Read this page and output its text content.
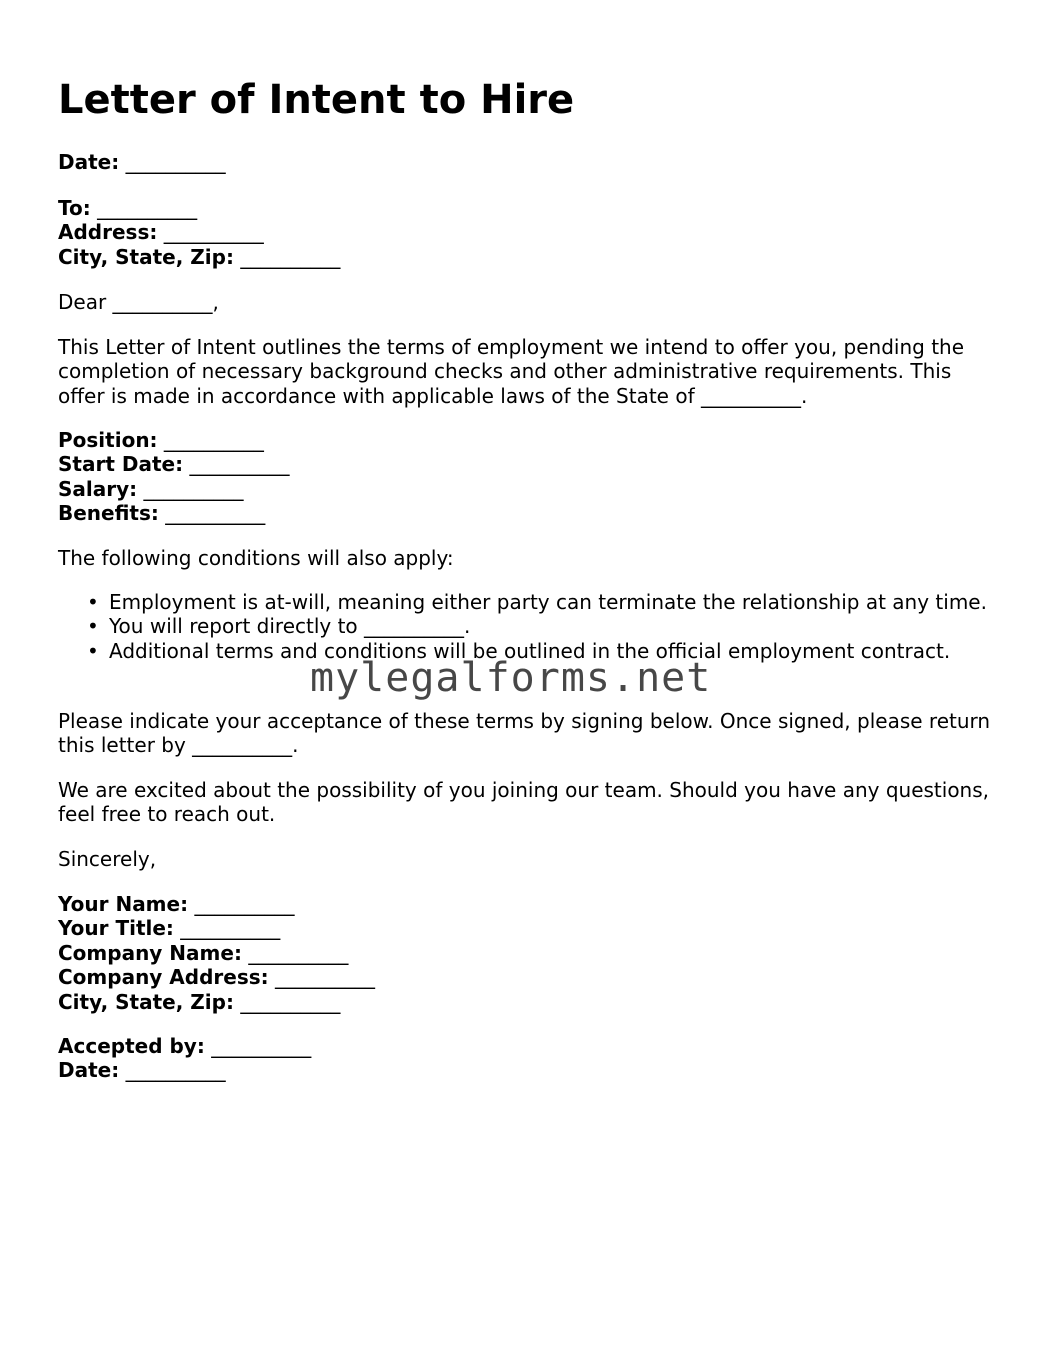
Letter of Intent to Hire
Date: __________
To: __________
Address: __________
City, State, Zip: __________
Dear __________,
This Letter of Intent outlines the terms of employment we intend to offer you, pending the completion of necessary background checks and other administrative requirements. This offer is made in accordance with applicable laws of the State of __________.
Position: __________
Start Date: __________
Salary: __________
Benefits: __________
The following conditions will also apply:
• Employment is at-will, meaning either party can terminate the relationship at any time.
• You will report directly to __________.
• Additional terms and conditions will be outlined in the official employment contract.
Please indicate your acceptance of these terms by signing below. Once signed, please return this letter by __________.
We are excited about the possibility of you joining our team. Should you have any questions, feel free to reach out.
Sincerely,
Your Name: __________
Your Title: __________
Company Name: __________
Company Address: __________
City, State, Zip: __________
Accepted by: __________
Date: __________
mylegalforms.net
